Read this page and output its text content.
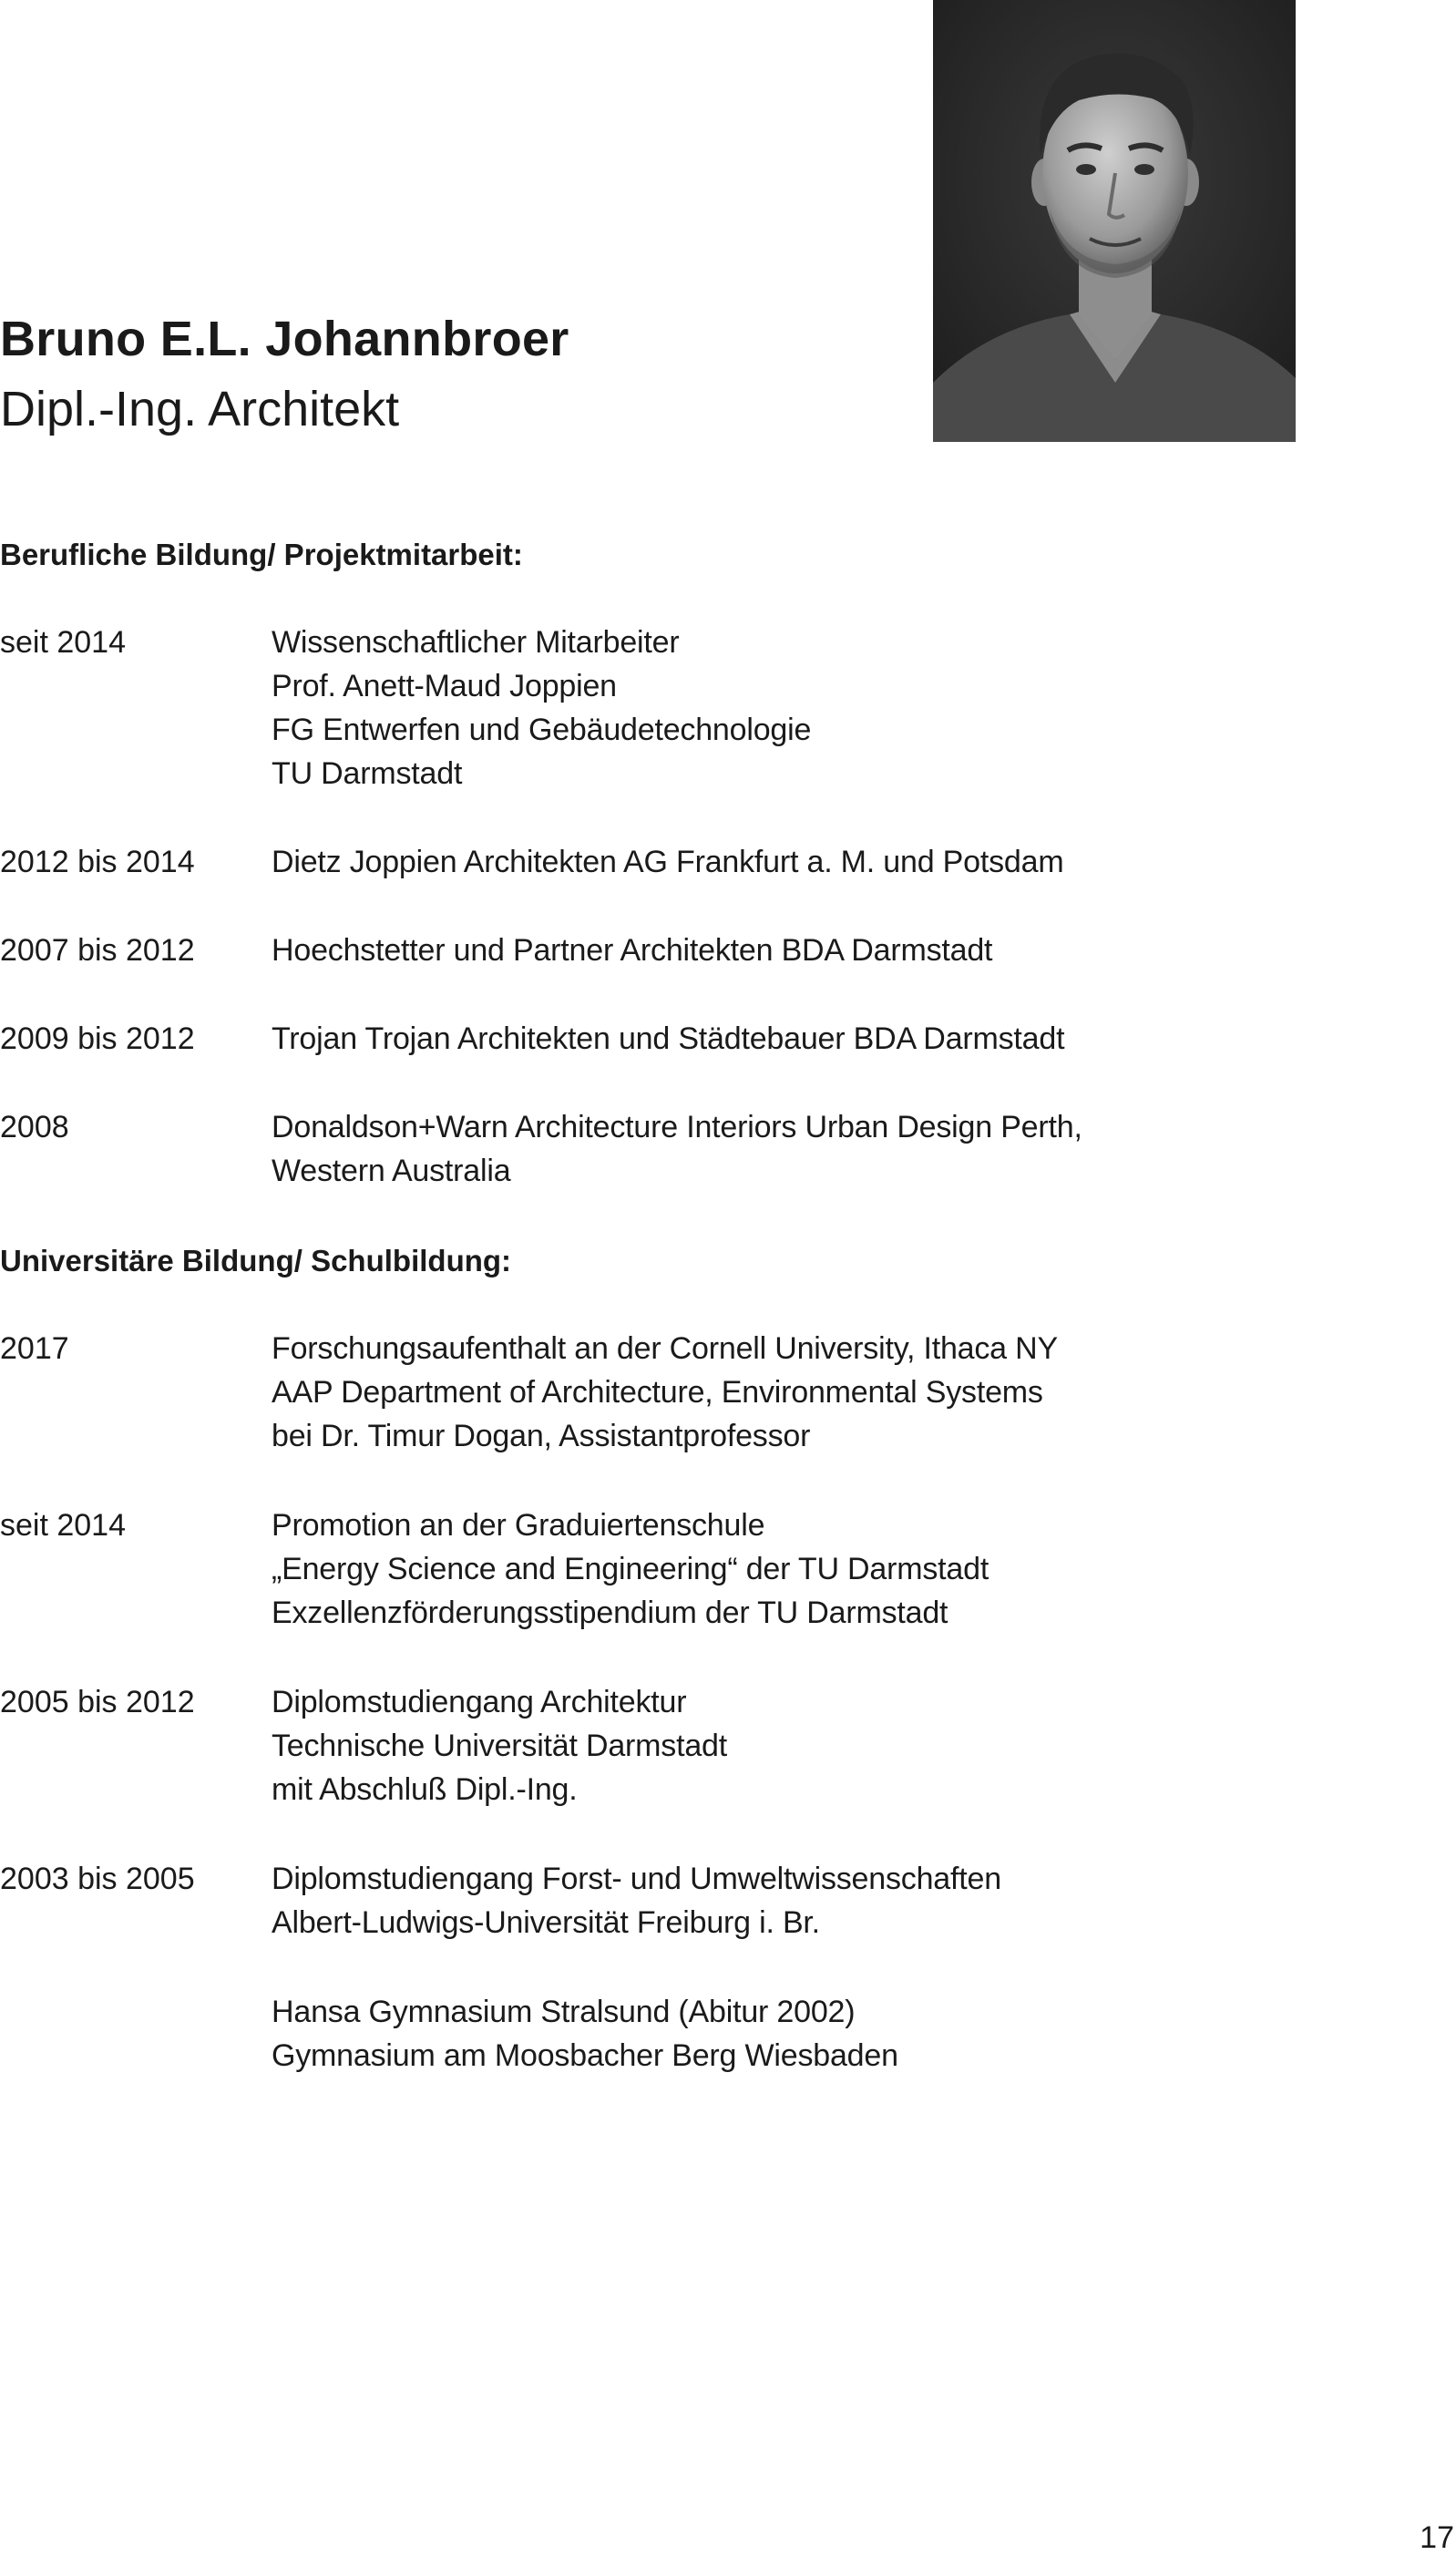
Bruno E.L. Johannbroer
Dipl.-Ing. Architekt
Berufliche Bildung/ Projektmitarbeit:
seit 2014	Wissenschaftlicher Mitarbeiter
Prof. Anett-Maud Joppien
FG Entwerfen und Gebäudetechnologie
TU Darmstadt
2012 bis 2014 Dietz Joppien Architekten AG Frankfurt a. M. und Potsdam
2007 bis 2012 Hoechstetter und Partner Architekten BDA Darmstadt
2009 bis 2012 Trojan Trojan Architekten und Städtebauer BDA Darmstadt
2008	Donaldson+Warn Architecture Interiors Urban Design Perth,
Western Australia
Universitäre Bildung/ Schulbildung:
2017	Forschungsaufenthalt an der Cornell University, Ithaca NY
AAP Department of Architecture, Environmental Systems
bei Dr. Timur Dogan, Assistantprofessor
seit 2014	Promotion an der Graduiertenschule
„Energy Science and Engineering“ der TU Darmstadt
Exzellenzförderungsstipendium der TU Darmstadt
2005 bis 2012 Diplomstudiengang Architektur
Technische Universität Darmstadt
mit Abschluß Dipl.-Ing.
2003 bis 2005 Diplomstudiengang Forst- und Umweltwissenschaften
Albert-Ludwigs-Universität Freiburg i. Br.
Hansa Gymnasium Stralsund (Abitur 2002)
Gymnasium am Moosbacher Berg Wiesbaden
17
